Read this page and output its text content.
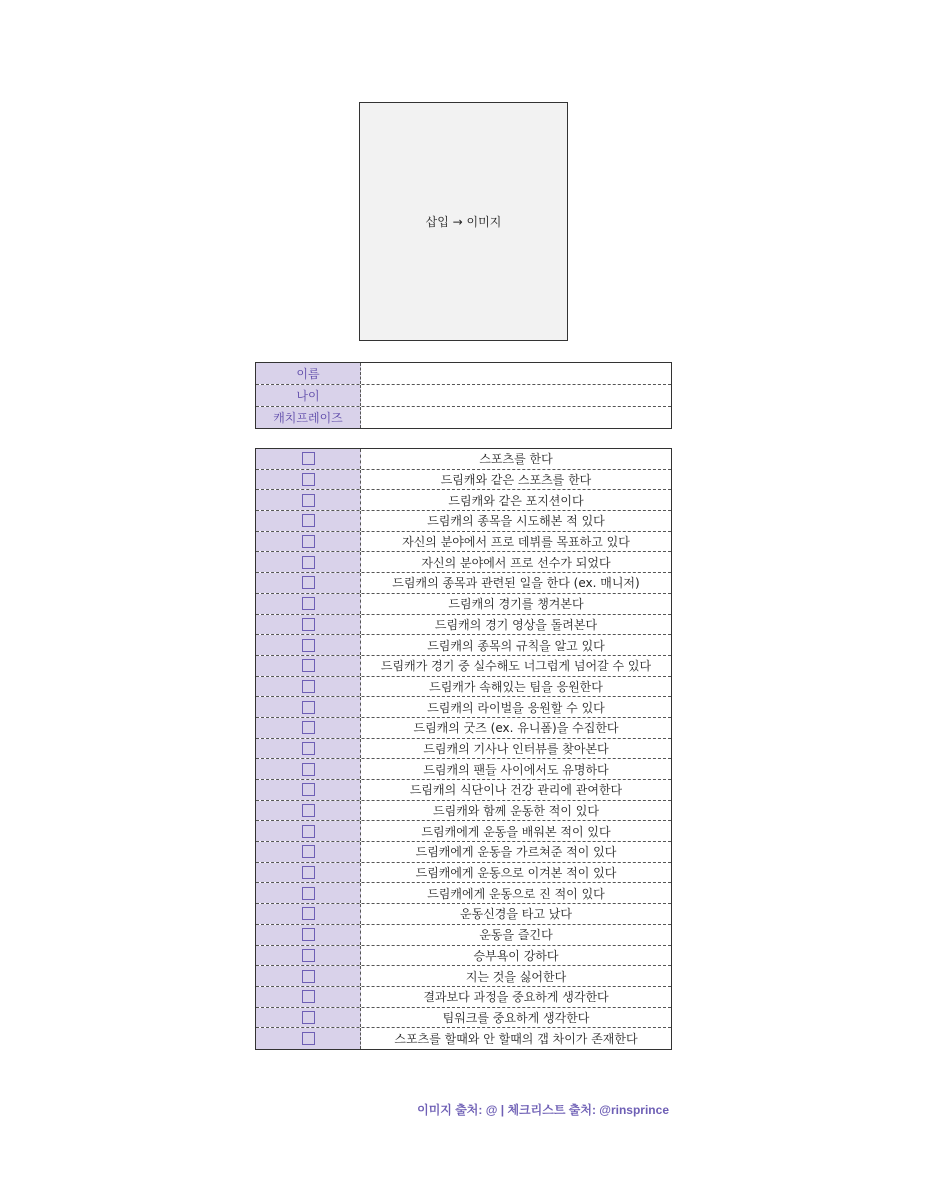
삽입 → 이미지
이름
나이
캐치프레이즈
스포츠를 한다
드림캐와 같은 스포츠를 한다
드림캐와 같은 포지션이다
드림캐의 종목을 시도해본 적 있다
자신의 분야에서 프로 데뷔를 목표하고 있다
자신의 분야에서 프로 선수가 되었다
드림캐의 종목과 관련된 일을 한다 (ex. 매니저)
드림캐의 경기를 챙겨본다
드림캐의 경기 영상을 돌려본다
드림캐의 종목의 규칙을 알고 있다
드림캐가 경기 중 실수해도 너그럽게 넘어갈 수 있다
드림캐가 속해있는 팀을 응원한다
드림캐의 라이벌을 응원할 수 있다
드림캐의 굿즈 (ex. 유니폼)을 수집한다
드림캐의 기사나 인터뷰를 찾아본다
드림캐의 팬들 사이에서도 유명하다
드림캐의 식단이나 건강 관리에 관여한다
드림캐와 함께 운동한 적이 있다
드림캐에게 운동을 배워본 적이 있다
드림캐에게 운동을 가르쳐준 적이 있다
드림캐에게 운동으로 이겨본 적이 있다
드림캐에게 운동으로 진 적이 있다
운동신경을 타고 났다
운동을 즐긴다
승부욕이 강하다
지는 것을 싫어한다
결과보다 과정을 중요하게 생각한다
팀워크를 중요하게 생각한다
스포츠를 할때와 안 할때의 갭 차이가 존재한다
이미지 출처: @ | 체크리스트 출처: @rinsprince
